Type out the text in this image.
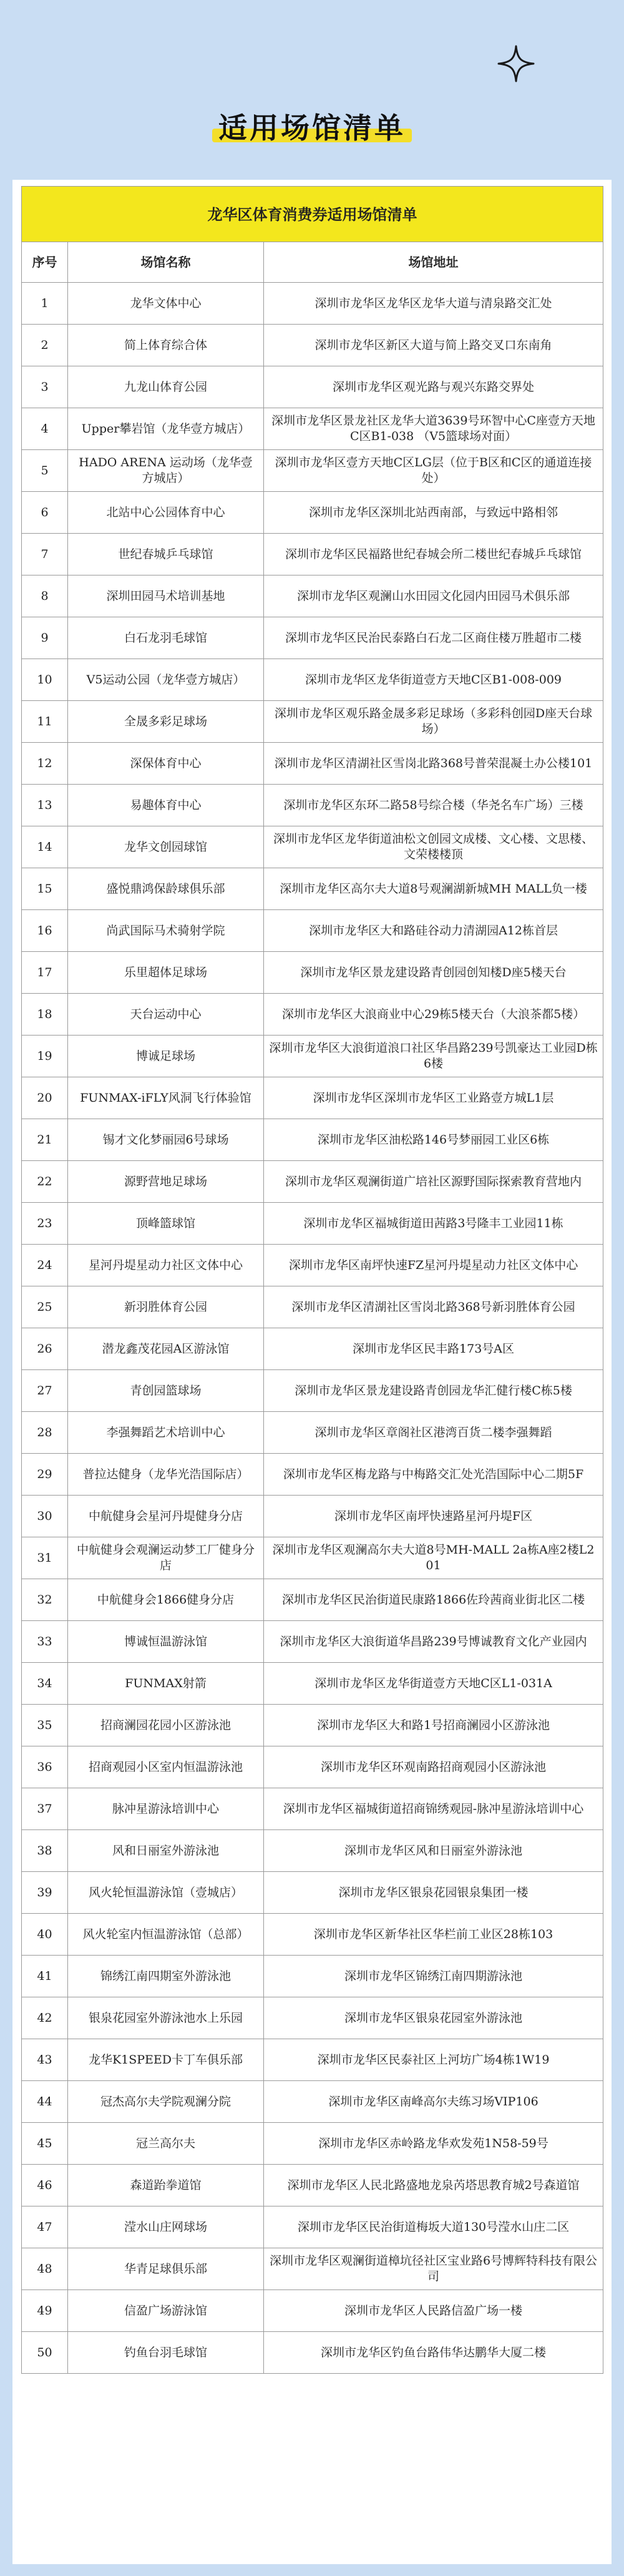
适用场馆清单
龙华区体育消费券适用场馆清单		
序号	场馆名称	场馆地址
1	龙华文体中心	深圳市龙华区龙华区龙华大道与清泉路交汇处
2	简上体育综合体	深圳市龙华区新区大道与简上路交叉口东南角
3	九龙山体育公园	深圳市龙华区观光路与观兴东路交界处
4	Upper攀岩馆（龙华壹方城店）	深圳市龙华区景龙社区龙华大道3639号环智中心C座壹方天地C区B1-038 （V5篮球场对面）
5	HADO ARENA 运动场（龙华壹方城店）	深圳市龙华区壹方天地C区LG层（位于B区和C区的通道连接处）
6	北站中心公园体育中心	深圳市龙华区深圳北站西南部，与致远中路相邻
7	世纪春城乒乓球馆	深圳市龙华区民福路世纪春城会所二楼世纪春城乒乓球馆
8	深圳田园马术培训基地	深圳市龙华区观澜山水田园文化园内田园马术俱乐部
9	白石龙羽毛球馆	深圳市龙华区民治民泰路白石龙二区商住楼万胜超市二楼
10	V5运动公园（龙华壹方城店）	深圳市龙华区龙华街道壹方天地C区B1-008-009
11	全晟多彩足球场	深圳市龙华区观乐路金晟多彩足球场（多彩科创园D座天台球场）
12	深保体育中心	深圳市龙华区清湖社区雪岗北路368号普荣混凝土办公楼101
13	易趣体育中心	深圳市龙华区东环二路58号综合楼（华尧名车广场）三楼
14	龙华文创园球馆	深圳市龙华区龙华街道油松文创园文成楼、文心楼、文思楼、文荣楼楼顶
15	盛悦鼎鸿保龄球俱乐部	深圳市龙华区高尔夫大道8号观澜湖新城MH MALL负一楼
16	尚武国际马术骑射学院	深圳市龙华区大和路硅谷动力清湖园A12栋首层
17	乐里超体足球场	深圳市龙华区景龙建设路青创园创知楼D座5楼天台
18	天台运动中心	深圳市龙华区大浪商业中心29栋5楼天台（大浪茶都5楼）
19	博诚足球场	深圳市龙华区大浪街道浪口社区华昌路239号凯豪达工业园D栋6楼
20	FUNMAX-iFLY风洞飞行体验馆	深圳市龙华区深圳市龙华区工业路壹方城L1层
21	锡才文化梦丽园6号球场	深圳市龙华区油松路146号梦丽园工业区6栋
22	源野营地足球场	深圳市龙华区观澜街道广培社区源野国际探索教育营地内
23	顶峰篮球馆	深圳市龙华区福城街道田茜路3号隆丰工业园11栋
24	星河丹堤星动力社区文体中心	深圳市龙华区南坪快速FZ星河丹堤星动力社区文体中心
25	新羽胜体育公园	深圳市龙华区清湖社区雪岗北路368号新羽胜体育公园
26	潜龙鑫茂花园A区游泳馆	深圳市龙华区民丰路173号A区
27	青创园篮球场	深圳市龙华区景龙建设路青创园龙华汇健行楼C栋5楼
28	李强舞蹈艺术培训中心	深圳市龙华区章阁社区港湾百货二楼李强舞蹈
29	普拉达健身（龙华光浩国际店）	深圳市龙华区梅龙路与中梅路交汇处光浩国际中心二期5F
30	中航健身会星河丹堤健身分店	深圳市龙华区南坪快速路星河丹堤F区
31	中航健身会观澜运动梦工厂健身分店	深圳市龙华区观澜高尔夫大道8号MH-MALL 2a栋A座2楼L201
32	中航健身会1866健身分店	深圳市龙华区民治街道民康路1866佐玲茜商业街北区二楼
33	博诚恒温游泳馆	深圳市龙华区大浪街道华昌路239号博诚教育文化产业园内
34	FUNMAX射箭	深圳市龙华区龙华街道壹方天地C区L1-031A
35	招商澜园花园小区游泳池	深圳市龙华区大和路1号招商澜园小区游泳池
36	招商观园小区室内恒温游泳池	深圳市龙华区环观南路招商观园小区游泳池
37	脉冲星游泳培训中心	深圳市龙华区福城街道招商锦绣观园-脉冲星游泳培训中心
38	风和日丽室外游泳池	深圳市龙华区风和日丽室外游泳池
39	风火轮恒温游泳馆（壹城店）	深圳市龙华区银泉花园银泉集团一楼
40	风火轮室内恒温游泳馆（总部）	深圳市龙华区新华社区华栏前工业区28栋103
41	锦绣江南四期室外游泳池	深圳市龙华区锦绣江南四期游泳池
42	银泉花园室外游泳池水上乐园	深圳市龙华区银泉花园室外游泳池
43	龙华K1SPEED卡丁车俱乐部	深圳市龙华区民泰社区上河坊广场4栋1W19
44	冠杰高尔夫学院观澜分院	深圳市龙华区南峰高尔夫练习场VIP106
45	冠兰高尔夫	深圳市龙华区赤岭路龙华欢发苑1N58-59号
46	森道跆拳道馆	深圳市龙华区人民北路盛地龙泉芮塔思教育城2号森道馆
47	滢水山庄网球场	深圳市龙华区民治街道梅坂大道130号滢水山庄二区
48	华青足球俱乐部	深圳市龙华区观澜街道樟坑径社区宝业路6号博辉特科技有限公司
49	信盈广场游泳馆	深圳市龙华区人民路信盈广场一楼
50	钓鱼台羽毛球馆	深圳市龙华区钓鱼台路伟华达鹏华大厦二楼
